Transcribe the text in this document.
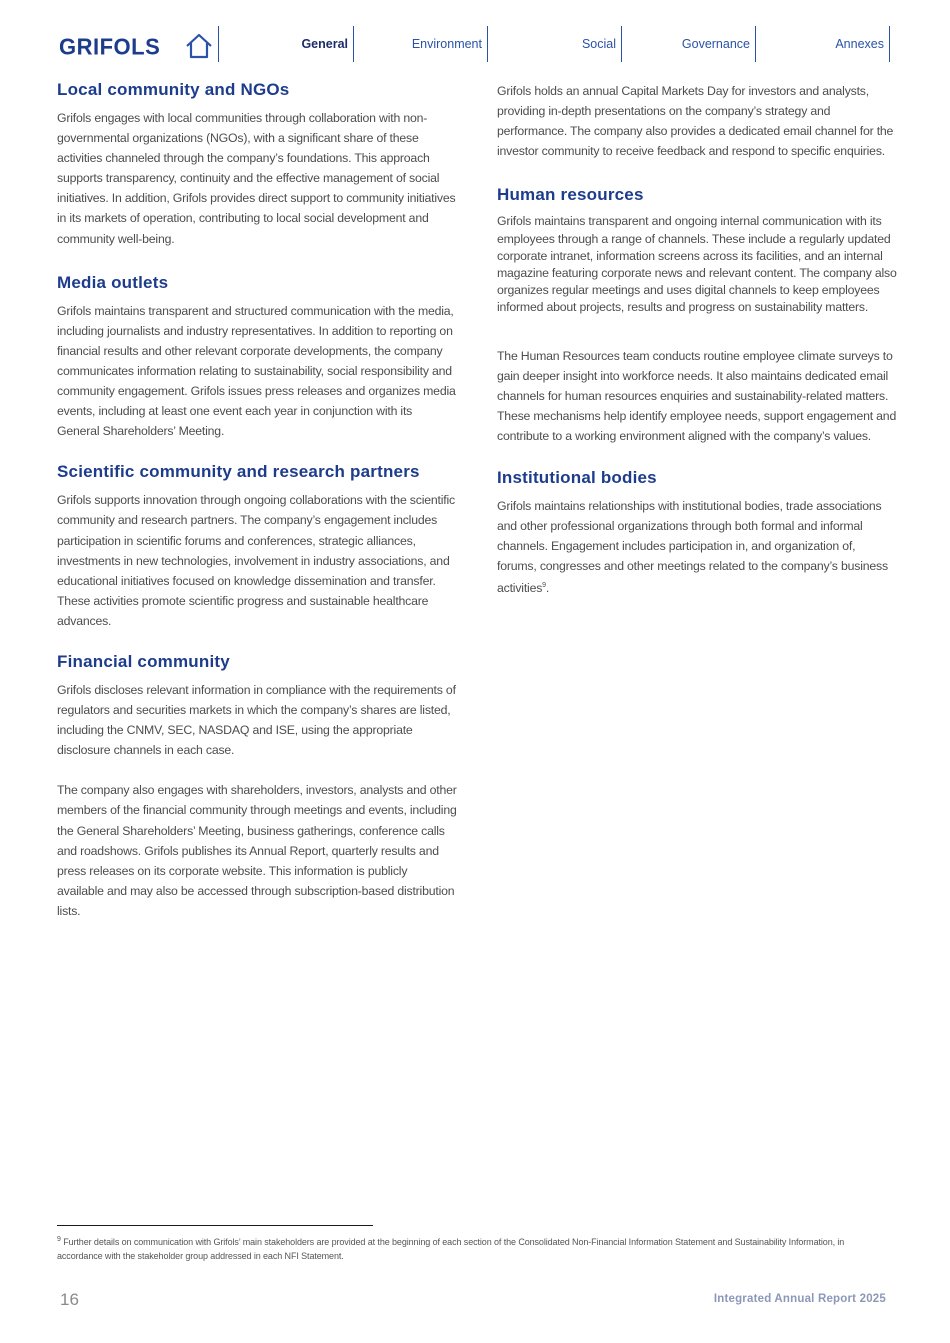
GRIFOLS	General	Environment	Social	Governance	Annexes
Local community and NGOs

Grifols engages with local communities through collaboration with non-governmental organizations (NGOs), with a significant share of these activities channeled through the company’s foundations. This approach supports transparency, continuity and the effective management of social initiatives. In addition, Grifols provides direct support to community initiatives in its markets of operation, contributing to local social development and community well-being.

Media outlets

Grifols maintains transparent and structured communication with the media, including journalists and industry representatives. In addition to reporting on financial results and other relevant corporate developments, the company communicates information relating to sustainability, social responsibility and community engagement. Grifols issues press releases and organizes media events, including at least one event each year in conjunction with its General Shareholders’ Meeting.

Scientific community and research partners

Grifols supports innovation through ongoing collaborations with the scientific community and research partners. The company’s engagement includes participation in scientific forums and conferences, strategic alliances, investments in new technologies, involvement in industry associations, and educational initiatives focused on knowledge dissemination and transfer. These activities promote scientific progress and sustainable healthcare advances.

Financial community

Grifols discloses relevant information in compliance with the requirements of regulators and securities markets in which the company’s shares are listed, including the CNMV, SEC, NASDAQ and ISE, using the appropriate disclosure channels in each case.

The company also engages with shareholders, investors, analysts and other members of the financial community through meetings and events, including the General Shareholders’ Meeting, business gatherings, conference calls and roadshows. Grifols publishes its Annual Report, quarterly results and press releases on its corporate website. This information is publicly available and may also be accessed through subscription-based distribution lists.

Grifols holds an annual Capital Markets Day for investors and analysts, providing in-depth presentations on the company’s strategy and performance. The company also provides a dedicated email channel for the investor community to receive feedback and respond to specific enquiries.

Human resources

Grifols maintains transparent and ongoing internal communication with its employees through a range of channels. These include a regularly updated corporate intranet, information screens across its facilities, and an internal magazine featuring corporate news and relevant content. The company also organizes regular meetings and uses digital channels to keep employees informed about projects, results and progress on sustainability matters.

The Human Resources team conducts routine employee climate surveys to gain deeper insight into workforce needs. It also maintains dedicated email channels for human resources enquiries and sustainability-related matters. These mechanisms help identify employee needs, support engagement and contribute to a working environment aligned with the company’s values.

Institutional bodies

Grifols maintains relationships with institutional bodies, trade associations and other professional organizations through both formal and informal channels. Engagement includes participation in, and organization of, forums, congresses and other meetings related to the company’s business activities$^9$.

$^9$ Further details on communication with Grifols’ main stakeholders are provided at the beginning of each section of the Consolidated Non-Financial Information Statement and Sustainability Information, in accordance with the stakeholder group addressed in each NFI Statement.
16	Integrated Annual Report 2025
